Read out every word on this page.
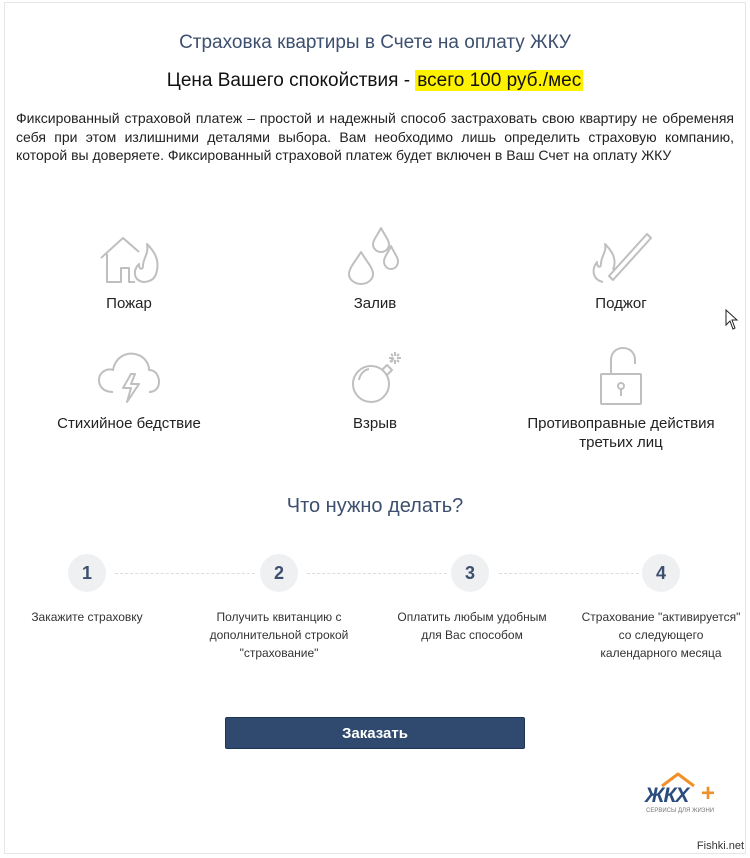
Страховка квартиры в Счете на оплату ЖКУ
Цена Вашего спокойствия - всего 100 руб./мес
Фиксированный страховой платеж – простой и надежный способ застраховать свою квартиру не обременяя себя при этом излишними деталями выбора. Вам необходимо лишь определить страховую компанию, которой вы доверяете. Фиксированный страховой платеж будет включен в Ваш Счет на оплату ЖКУ
Пожар	Залив	Поджог
Стихийное бедствие	Взрыв	Противоправные действия третьих лиц
Что нужно делать?
1	2	3	4
Закажите страховку	Получить квитанцию с дополнительной строкой "страхование"
Оплатить любым удобным для Вас способом
Страхование "активируется" со следующего календарного месяца
Заказать
ЖКХ +
СЕРВИСЫ ДЛЯ ЖИЗНИ
Fishki.net
